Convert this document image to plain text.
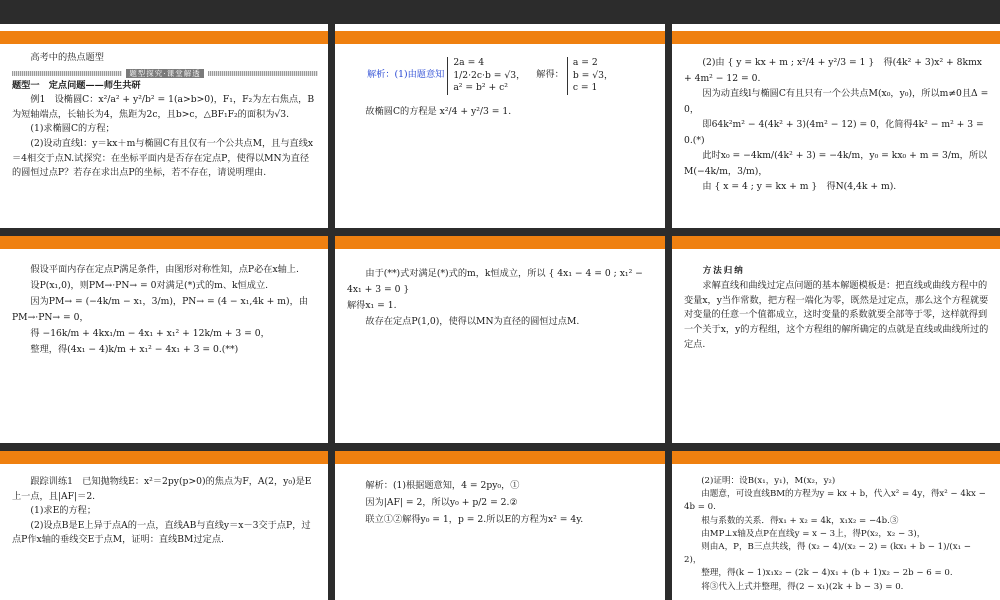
高考中的热点题型

题型探究·课堂解透

题型一　定点问题——师生共研

例1　设椭圆C：x²/a² + y²/b² = 1(a>b>0)，F₁，F₂为左右焦点，B为短轴端点，长轴长为4，焦距为2c，且b>c，△BF₁F₂的面积为√3.

(1)求椭圆C的方程；

(2)设动直线l：y＝kx＋m与椭圆C有且仅有一个公共点M，且与直线x＝4相交于点N.试探究：在坐标平面内是否存在定点P，使得以MN为直径的圆恒过点P？若存在求出点P的坐标，若不存在，请说明理由.

解析：(1)由题意知
2a = 4
1/2·2c·b = √3，
a² = b² + c²
解得：
a = 2
b = √3，
c = 1

故椭圆C的方程是 x²/4 + y²/3 = 1.

(2)由 { y = kx + m ; x²/4 + y²/3 = 1 }　得(4k² + 3)x² + 8kmx + 4m² − 12 = 0.

因为动直线l与椭圆C有且只有一个公共点M(x₀，y₀)，所以m≠0且Δ = 0，

即64k²m² − 4(4k² + 3)(4m² − 12) = 0，化简得4k² − m² + 3 = 0.(*)

此时x₀ = −4km/(4k² + 3) = −4k/m，y₀ = kx₀ + m = 3/m，所以M(−4k/m，3/m)，

由 { x = 4 ; y = kx + m }　得N(4,4k + m).

假设平面内存在定点P满足条件，由图形对称性知，点P必在x轴上.

设P(x₁,0)，则PM→·PN→ = 0对满足(*)式的m、k恒成立.

因为PM→ = (−4k/m − x₁，3/m)，PN→ = (4 − x₁,4k + m)，由PM→·PN→ = 0，

得 −16k/m + 4kx₁/m − 4x₁ + x₁² + 12k/m + 3 = 0，

整理，得(4x₁ − 4)k/m + x₁² − 4x₁ + 3 = 0.(**)

由于(**)式对满足(*)式的m，k恒成立，所以 { 4x₁ − 4 = 0 ; x₁² − 4x₁ + 3 = 0 }

解得x₁ = 1.

故存在定点P(1,0)，使得以MN为直径的圆恒过点M.

方法归纳

求解直线和曲线过定点问题的基本解题模板是：把直线或曲线方程中的变量x，y当作常数，把方程一端化为零，既然是过定点，那么这个方程就要对变量的任意一个值都成立，这时变量的系数就要全部等于零，这样就得到一个关于x，y的方程组，这个方程组的解所确定的点就是直线或曲线所过的定点.

跟踪训练1　已知抛物线E：x²＝2py(p>0)的焦点为F，A(2，y₀)是E上一点，且|AF|＝2.

(1)求E的方程；

(2)设点B是E上异于点A的一点，直线AB与直线y＝x－3交于点P，过点P作x轴的垂线交E于点M，证明：直线BM过定点.

解析：(1)根据题意知，4 = 2py₀，①

因为|AF| = 2，所以y₀ + p/2 = 2.②

联立①②解得y₀ = 1，p = 2.所以E的方程为x² = 4y.

(2)证明：设B(x₁，y₁)，M(x₂，y₂)

由题意，可设直线BM的方程为y = kx + b，代入x² = 4y，得x² − 4kx − 4b = 0.

根与系数的关系．得x₁ + x₂ = 4k，x₁x₂ = −4b.③

由MP⊥x轴及点P在直线y = x − 3上，得P(x₂，x₂ − 3)，

则由A，P，B三点共线，得 (x₂ − 4)/(x₂ − 2) = (kx₁ + b − 1)/(x₁ − 2)，

整理，得(k − 1)x₁x₂ − (2k − 4)x₁ + (b + 1)x₂ − 2b − 6 = 0.

将③代入上式并整理，得(2 − x₁)(2k + b − 3) = 0.
